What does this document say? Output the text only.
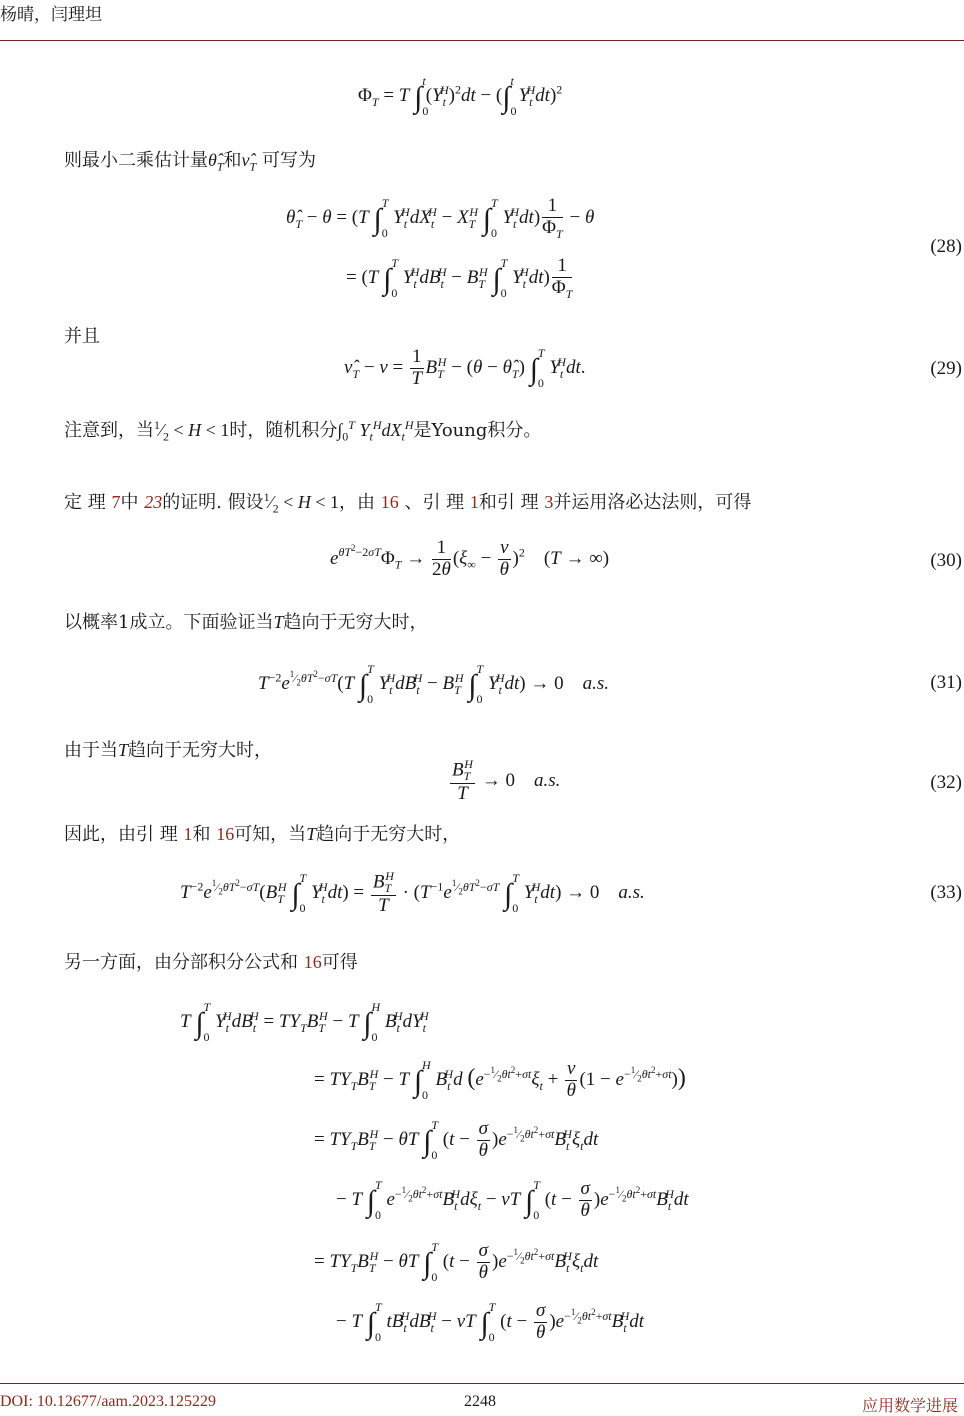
杨晴，闫理坦
DOI: 10.12677/aam.2023.125229	2248	应用数学进展
$\Phi_T = T$ $\int_0^t(Y_t^H)^2dt - (\int_0^t$ $Y_t^Hdt)^2$
则最小二乘估计量$\thetâ_T$和$\nû_T$ 可写为
$\thetâ_T - \theta = (T$ $\int_0^T$ $Y_t^HdX_t^H - X_T^H$ $\int_0^T$ $Y_t^Hdt) \frac{1}{\Phi_T} - \theta$
= (T $\int_0^T$ $Y_t^HdB_t^H - B_T^H$ $\int_0^T$ $Y_t^Hdt) \frac{1}{\Phi_T}$
(28)
并且
$\nû_T - \nu = \frac{1}{T} B_T^H - (\theta$ − $\thetâ_T$) $\int_0^T$ $Y_t^Hdt$.	(29)
注意到，当$^1⁄_2 < H < 1$时，随机积分$\int_0^T$ $Y_t^HdX_t^H$是Young积分。
定 理 7中 23的证明. 假设$^1⁄_2 < H < 1$，由 16 、引 理 1和引 理 3并运用洛必达法则，可得
$e^{\theta T^2-2\sigma T}\Phi_T \to \frac{1}{2\theta} (\xi_\infty - \frac{\nu}{\theta} )^2$    (T → ∞)	(30)
以概率1成立。下面验证当T趋向于无穷大时，
$T^{-2}e^{^1⁄_2\theta T^2-\sigma T}(T$ $\int_0^T$ $Y_t^HdB_t^H - B_T^H$ $\int_0^T$ $Y_t^Hdt) \to 0$    a.s.	(31)
由于当T趋向于无穷大时，
$\frac{B_T^H}{T} \to 0$    a.s.	(32)
因此，由引 理 1和 16可知，当T趋向于无穷大时，
$T^{-2}e^{^1⁄_2\theta T^2-\sigma T}(B_T^H$ $\int_0^T$ $Y_t^Hdt) = \frac{B_T^H}{T} \cdot (T^{-1}e^{^1⁄_2\theta T^2-\sigma T}$ $\int_0^T$ $Y_t^Hdt) \to 0$    a.s.	(33)
另一方面，由分部积分公式和 16可得
T $\int_0^T$ $Y_t^HdB_t^H = TY_TB_T^H - T$ $\int_0^H$ $B_t^HdY_t^H$
= $TY_TB_T^H - T$ $\int_0^H$ $B_t^Hd$ $(e^{-^1⁄_2\theta t^2+\sigma t}\xi_t + \frac{\nu}{\theta} (1 - e^{-^1⁄_2\theta t^2+\sigma t}))$
= $TY_TB_T^H - \theta T$ $\int_0^T$ $(t - \frac{\sigma}{\theta} )e^{-^1⁄_2\theta t^2+\sigma t}B_t^H\xi_tdt$
− T $\int_0^T$ $e^{-^1⁄_2\theta t^2+\sigma t}B_t^Hd\xi_t - \nu T$ $\int_0^T$ $(t - \frac{\sigma}{\theta} )e^{-^1⁄_2\theta t^2+\sigma t}B_t^Hdt$
= $TY_TB_T^H - \theta T$ $\int_0^T$ $(t - \frac{\sigma}{\theta} )e^{-^1⁄_2\theta t^2+\sigma t}B_t^H\xi_tdt$
− T $\int_0^T$ $tB_t^HdB_t^H - \nu T$ $\int_0^T$ $(t - \frac{\sigma}{\theta} )e^{-^1⁄_2\theta t^2+\sigma t}B_t^Hdt$
